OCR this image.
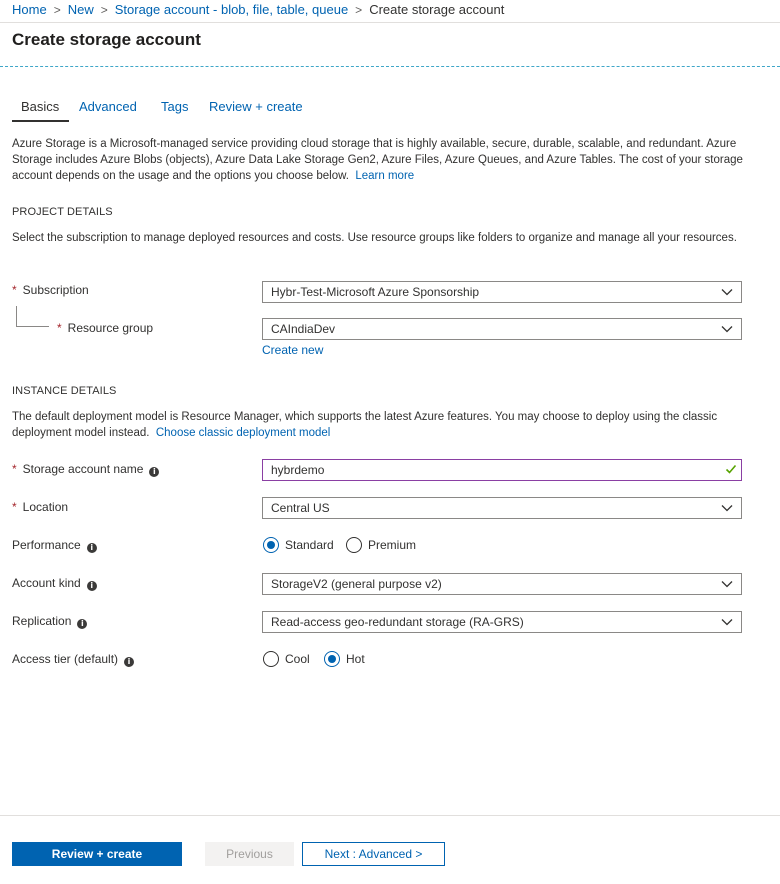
Home > New > Storage account - blob, file, table, queue > Create storage account
Create storage account
Basics Advanced Tags Review + create
Azure Storage is a Microsoft-managed service providing cloud storage that is highly available, secure, durable, scalable, and redundant. Azure Storage includes Azure Blobs (objects), Azure Data Lake Storage Gen2, Azure Files, Azure Queues, and Azure Tables. The cost of your storage account depends on the usage and the options you choose below. Learn more
PROJECT DETAILS
Select the subscription to manage deployed resources and costs. Use resource groups like folders to organize and manage all your resources.
* Subscription	Hybr-Test-Microsoft Azure Sponsorship
* Resource group	CAIndiaDev
Create new
INSTANCE DETAILS
The default deployment model is Resource Manager, which supports the latest Azure features. You may choose to deploy using the classic deployment model instead. Choose classic deployment model
* Storage account name i	hybrdemo
* Location	Central US
Performance i	Standard	Premium
Account kind i	StorageV2 (general purpose v2)
Replication i	Read-access geo-redundant storage (RA-GRS)
Access tier (default) i	Cool	Hot
Review + create	Previous	Next : Advanced >
